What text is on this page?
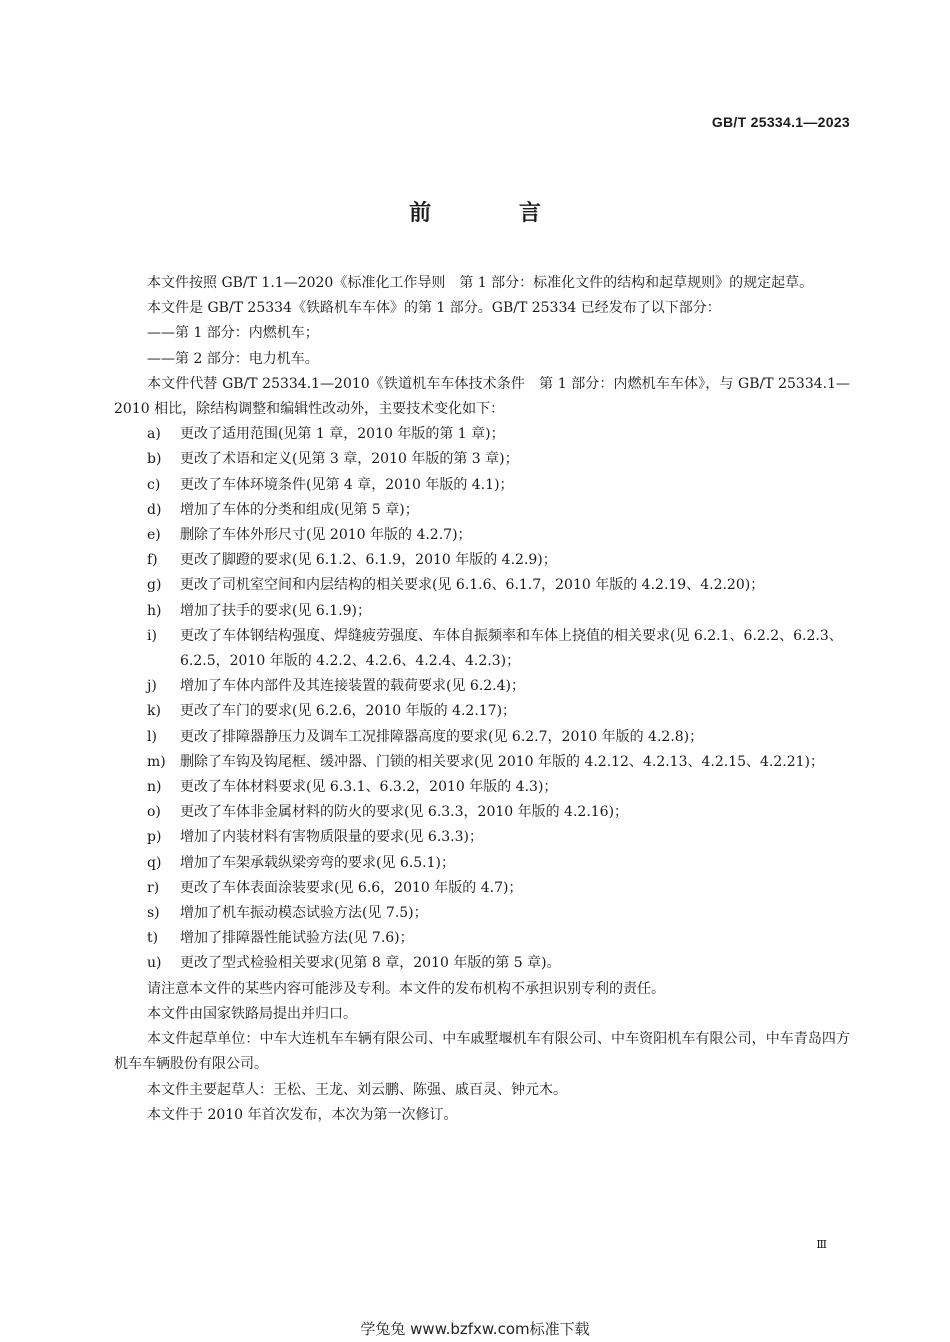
GB/T 25334.1—2023
前 言

本文件按照 GB/T 1.1—2020《标准化工作导则　第 1 部分：标准化文件的结构和起草规则》的规定起草。

本文件是 GB/T 25334《铁路机车车体》的第 1 部分。GB/T 25334 已经发布了以下部分：

——第 1 部分：内燃机车；

——第 2 部分：电力机车。

本文件代替 GB/T 25334.1—2010《铁道机车车体技术条件　第 1 部分：内燃机车车体》，与 GB/T 25334.1—2010 相比，除结构调整和编辑性改动外，主要技术变化如下：

a)	更改了适用范围(见第 1 章，2010 年版的第 1 章)；
b)	更改了术语和定义(见第 3 章，2010 年版的第 3 章)；
c)	更改了车体环境条件(见第 4 章，2010 年版的 4.1)；
d)	增加了车体的分类和组成(见第 5 章)；
e)	删除了车体外形尺寸(见 2010 年版的 4.2.7)；
f)	更改了脚蹬的要求(见 6.1.2、6.1.9，2010 年版的 4.2.9)；
g)	更改了司机室空间和内层结构的相关要求(见 6.1.6、6.1.7，2010 年版的 4.2.19、4.2.20)；
h)	增加了扶手的要求(见 6.1.9)；
i)	更改了车体钢结构强度、焊缝疲劳强度、车体自振频率和车体上挠值的相关要求(见 6.2.1、6.2.2、6.2.3、6.2.5，2010 年版的 4.2.2、4.2.6、4.2.4、4.2.3)；
j)	增加了车体内部件及其连接装置的载荷要求(见 6.2.4)；
k)	更改了车门的要求(见 6.2.6，2010 年版的 4.2.17)；
l)	更改了排障器静压力及调车工况排障器高度的要求(见 6.2.7，2010 年版的 4.2.8)；
m)	删除了车钩及钩尾框、缓冲器、门锁的相关要求(见 2010 年版的 4.2.12、4.2.13、4.2.15、4.2.21)；
n)	更改了车体材料要求(见 6.3.1、6.3.2，2010 年版的 4.3)；
o)	更改了车体非金属材料的防火的要求(见 6.3.3，2010 年版的 4.2.16)；
p)	增加了内装材料有害物质限量的要求(见 6.3.3)；
q)	增加了车架承载纵梁旁弯的要求(见 6.5.1)；
r)	更改了车体表面涂装要求(见 6.6，2010 年版的 4.7)；
s)	增加了机车振动模态试验方法(见 7.5)；
t)	增加了排障器性能试验方法(见 7.6)；
u)	更改了型式检验相关要求(见第 8 章，2010 年版的第 5 章)。

请注意本文件的某些内容可能涉及专利。本文件的发布机构不承担识别专利的责任。

本文件由国家铁路局提出并归口。

本文件起草单位：中车大连机车车辆有限公司、中车戚墅堰机车有限公司、中车资阳机车有限公司，中车青岛四方机车车辆股份有限公司。

本文件主要起草人：王松、王龙、刘云鹏、陈强、戚百灵、钟元木。

本文件于 2010 年首次发布，本次为第一次修订。

Ⅲ
学兔兔 www.bzfxw.com标准下载
